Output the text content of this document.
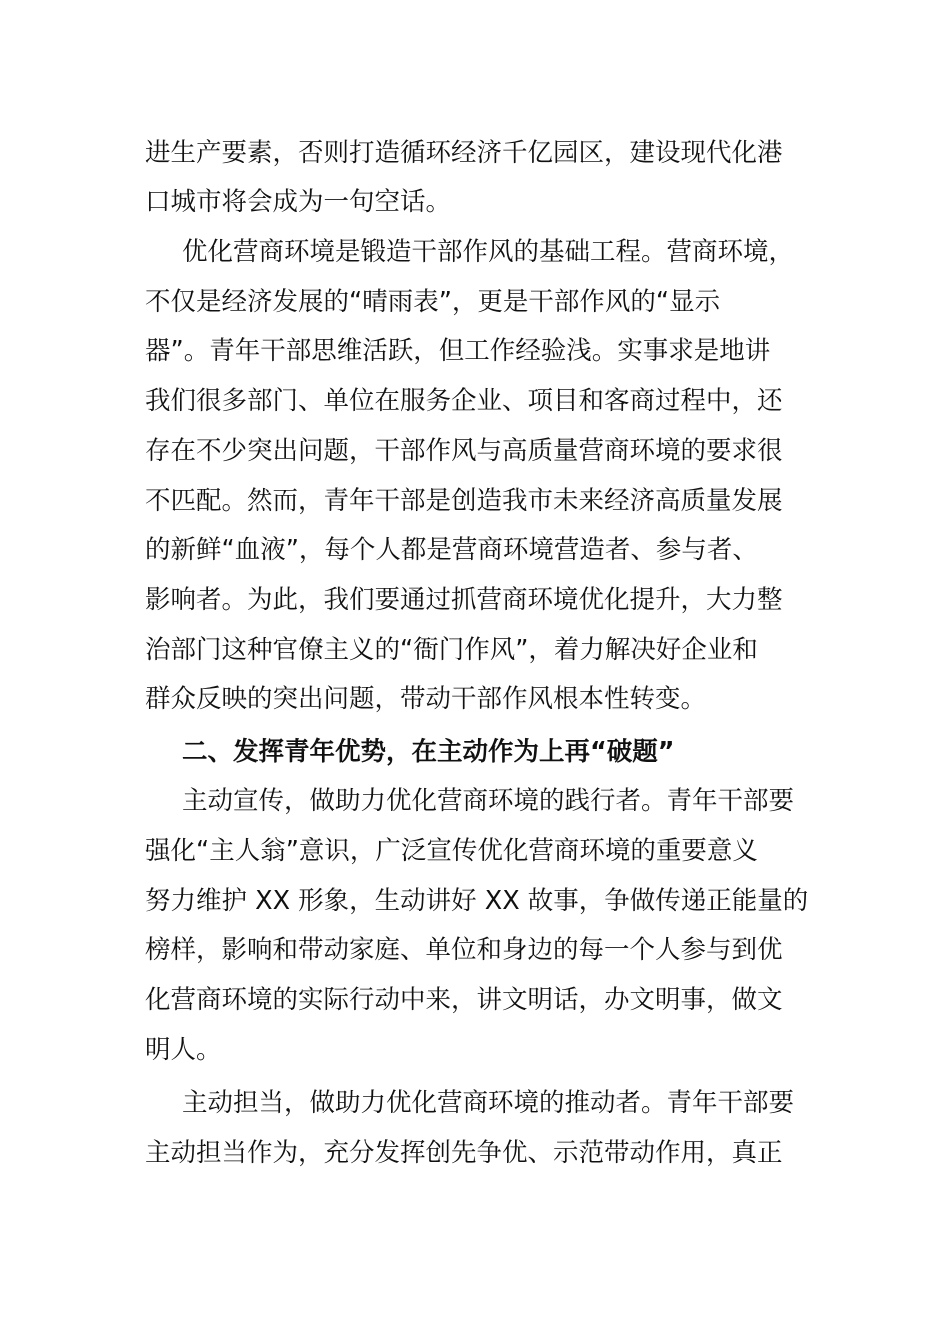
进生产要素，否则打造循环经济千亿园区，建设现代化港
口城市将会成为一句空话。
优化营商环境是锻造干部作风的基础工程。营商环境，
不仅是经济发展的“晴雨表”，更是干部作风的“显示
器”。青年干部思维活跃，但工作经验浅。实事求是地讲
我们很多部门、单位在服务企业、项目和客商过程中，还
存在不少突出问题，干部作风与高质量营商环境的要求很
不匹配。然而，青年干部是创造我市未来经济高质量发展
的新鲜“血液”，每个人都是营商环境营造者、参与者、
影响者。为此，我们要通过抓营商环境优化提升，大力整
治部门这种官僚主义的“衙门作风”，着力解决好企业和
群众反映的突出问题，带动干部作风根本性转变。
二、发挥青年优势，在主动作为上再“破题”
主动宣传，做助力优化营商环境的践行者。青年干部要
强化“主人翁”意识，广泛宣传优化营商环境的重要意义
努力维护 XX 形象，生动讲好 XX 故事，争做传递正能量的
榜样，影响和带动家庭、单位和身边的每一个人参与到优
化营商环境的实际行动中来，讲文明话，办文明事，做文
明人。
主动担当，做助力优化营商环境的推动者。青年干部要
主动担当作为，充分发挥创先争优、示范带动作用，真正
